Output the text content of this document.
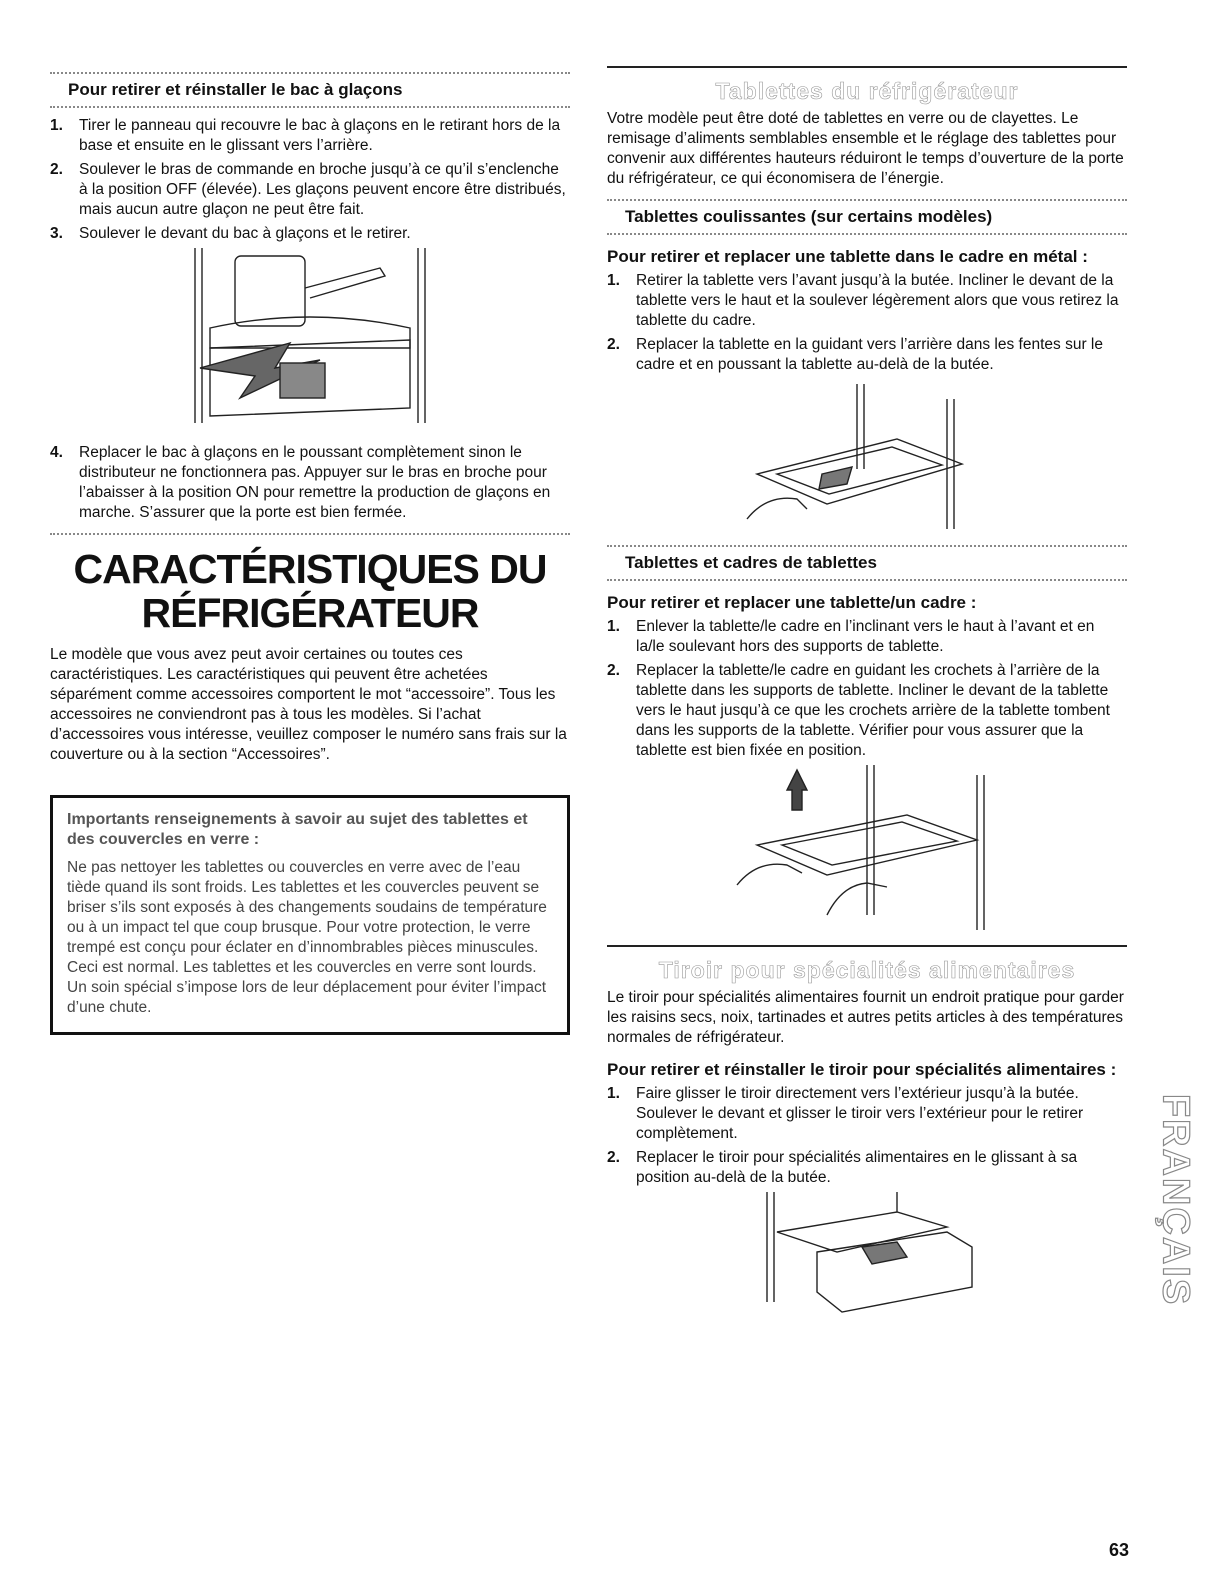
Pour retirer et réinstaller le bac à glaçons
1. Tirer le panneau qui recouvre le bac à glaçons en le retirant hors de la base et ensuite en le glissant vers l’arrière.
2. Soulever le bras de commande en broche jusqu’à ce qu’il s’enclenche à la position OFF (élevée). Les glaçons peuvent encore être distribués, mais aucun autre glaçon ne peut être fait.
3. Soulever le devant du bac à glaçons et le retirer.
4. Replacer le bac à glaçons en le poussant complètement sinon le distributeur ne fonctionnera pas. Appuyer sur le bras en broche pour l’abaisser à la position ON pour remettre la production de glaçons en marche. S’assurer que la porte est bien fermée.
CARACTÉRISTIQUES DU
RÉFRIGÉRATEUR

Le modèle que vous avez peut avoir certaines ou toutes ces caractéristiques. Les caractéristiques qui peuvent être achetées séparément comme accessoires comportent le mot “accessoire”. Tous les accessoires ne conviendront pas à tous les modèles. Si l’achat d’accessoires vous intéresse, veuillez composer le numéro sans frais sur la couverture ou à la section “Accessoires”.

Importants renseignements à savoir au sujet des tablettes et des couvercles en verre :

Ne pas nettoyer les tablettes ou couvercles en verre avec de l’eau tiède quand ils sont froids. Les tablettes et les couvercles peuvent se briser s’ils sont exposés à des changements soudains de température ou à un impact tel que coup brusque. Pour votre protection, le verre trempé est conçu pour éclater en d’innombrables pièces minuscules. Ceci est normal. Les tablettes et les couvercles en verre sont lourds. Un soin spécial s’impose lors de leur déplacement pour éviter l’impact d’une chute.

Tablettes du réfrigérateur

Votre modèle peut être doté de tablettes en verre ou de clayettes. Le remisage d’aliments semblables ensemble et le réglage des tablettes pour convenir aux différentes hauteurs réduiront le temps d’ouverture de la porte du réfrigérateur, ce qui économisera de l’énergie.

Tablettes coulissantes (sur certains modèles)
Pour retirer et replacer une tablette dans le cadre en métal :
1. Retirer la tablette vers l’avant jusqu’à la butée. Incliner le devant de la tablette vers le haut et la soulever légèrement alors que vous retirez la tablette du cadre.
2. Replacer la tablette en la guidant vers l’arrière dans les fentes sur le cadre et en poussant la tablette au-delà de la butée.
Tablettes et cadres de tablettes
Pour retirer et replacer une tablette/un cadre :
1. Enlever la tablette/le cadre en l’inclinant vers le haut à l’avant et en la/le soulevant hors des supports de tablette.
2. Replacer la tablette/le cadre en guidant les crochets à l’arrière de la tablette dans les supports de tablette. Incliner le devant de la tablette vers le haut jusqu’à ce que les crochets arrière de la tablette tombent dans les supports de la tablette. Vérifier pour vous assurer que la tablette est bien fixée en position.
Tiroir pour spécialités alimentaires

Le tiroir pour spécialités alimentaires fournit un endroit pratique pour garder les raisins secs, noix, tartinades et autres petits articles à des températures normales de réfrigérateur.

Pour retirer et réinstaller le tiroir pour spécialités alimentaires :
1. Faire glisser le tiroir directement vers l’extérieur jusqu’à la butée. Soulever le devant et glisser le tiroir vers l’extérieur pour le retirer complètement.
2. Replacer le tiroir pour spécialités alimentaires en le glissant à sa position au-delà de la butée.	FRANÇAIS
63
